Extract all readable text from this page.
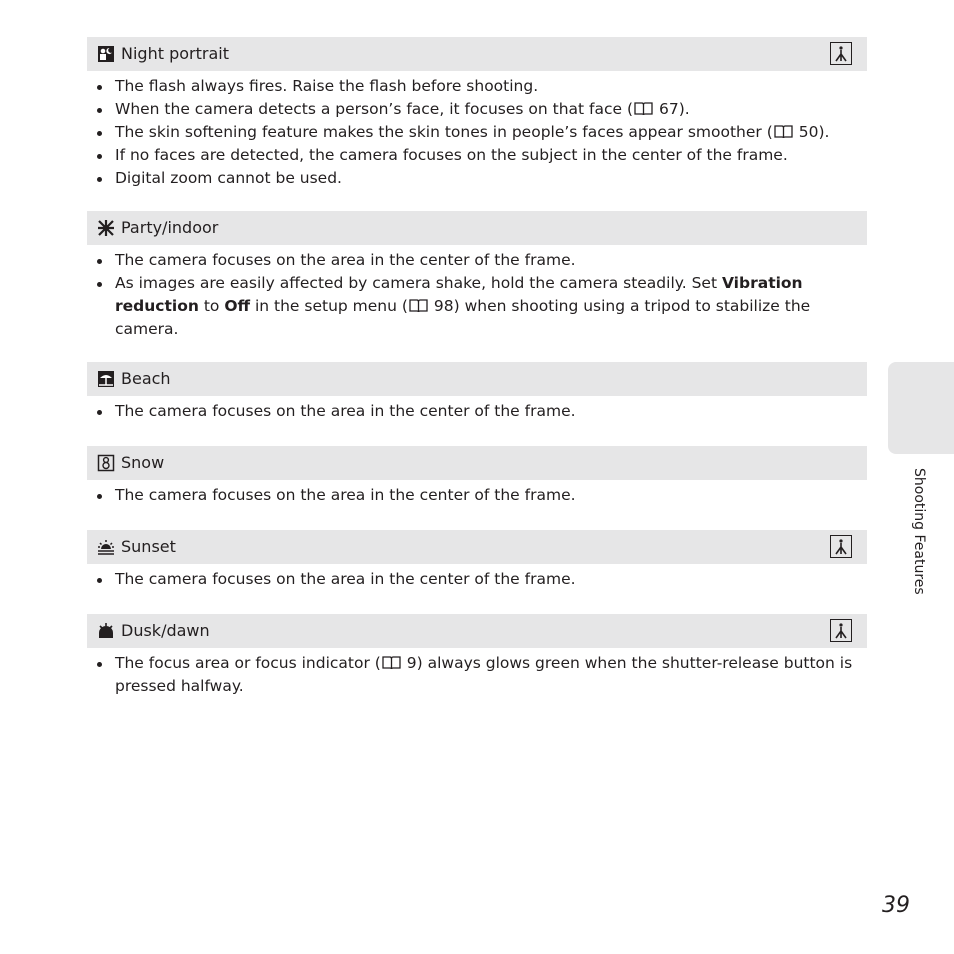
Shooting Features
39
Night portrait
The flash always fires. Raise the flash before shooting.
When the camera detects a person’s face, it focuses on that face ( 67).
The skin softening feature makes the skin tones in people’s faces appear smoother ( 50).
If no faces are detected, the camera focuses on the subject in the center of the frame.
Digital zoom cannot be used.
Party/indoor
The camera focuses on the area in the center of the frame.
As images are easily affected by camera shake, hold the camera steadily. Set Vibration reduction to Off in the setup menu ( 98) when shooting using a tripod to stabilize the camera.
Beach
The camera focuses on the area in the center of the frame.
Snow
The camera focuses on the area in the center of the frame.
Sunset
The camera focuses on the area in the center of the frame.
Dusk/dawn
The focus area or focus indicator ( 9) always glows green when the shutter-release button is pressed halfway.
